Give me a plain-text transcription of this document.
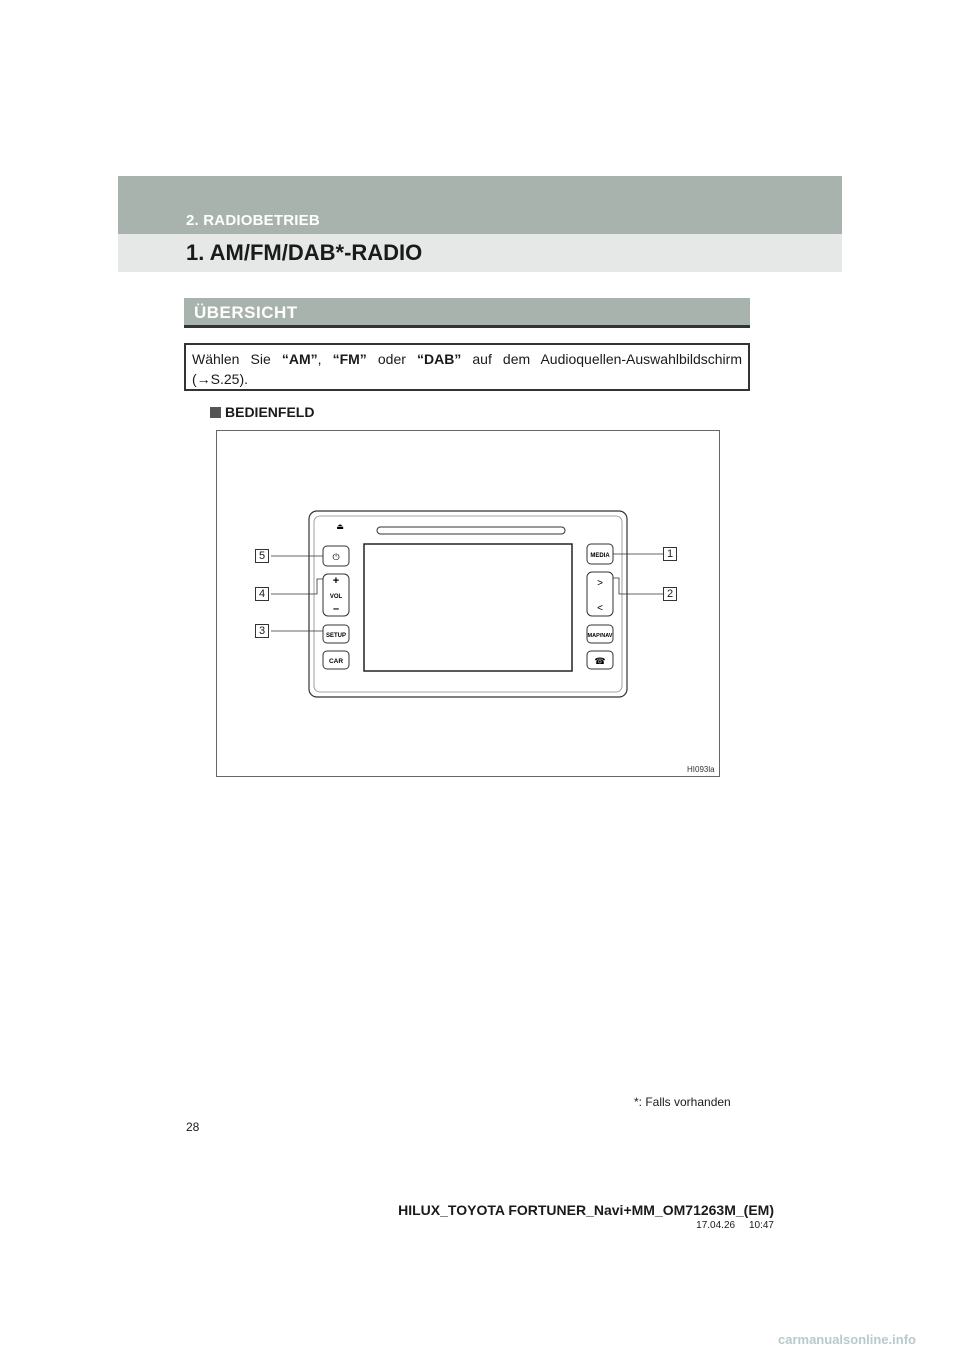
2. RADIOBETRIEB
1. AM/FM/DAB*-RADIO
ÜBERSICHT
Wählen Sie “AM”, “FM” oder “DAB” auf dem Audioquellen-Auswahlbildschirm (→S.25).
BEDIENFELD
⏏
⏻
+
VOL
–
SETUP
CAR
MEDIA
>
<
MAP/NAV
☎
1
2
3
4
5
HI093la
*: Falls vorhanden
28
HILUX_TOYOTA FORTUNER_Navi+MM_OM71263M_(EM)
17.04.26     10:47
carmanualsonline.info
